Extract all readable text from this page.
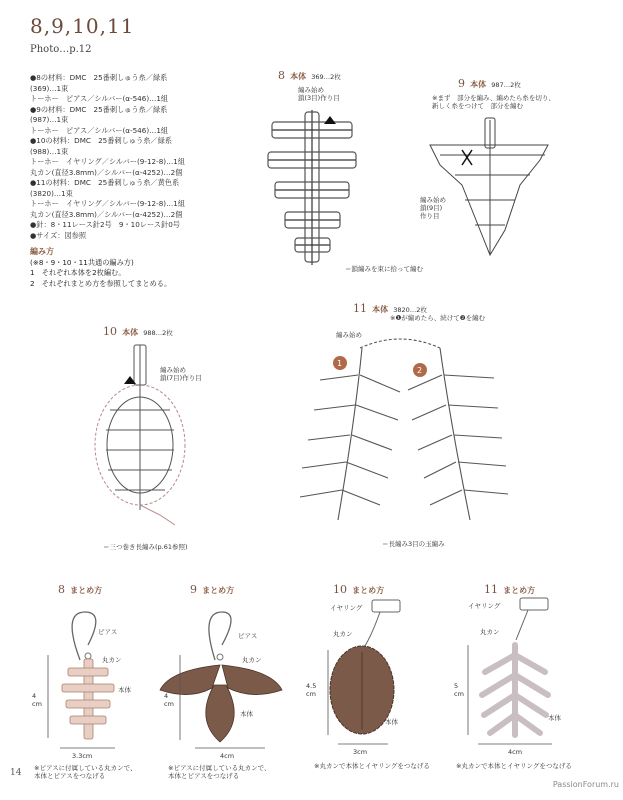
8,9,10,11
Photo…p.12
●8の材料：DMC　25番刺しゅう糸／緑系
(369)…1束
トーホー　ピアス／シルバー(α-546)…1組
●9の材料：DMC　25番刺しゅう糸／緑系
(987)…1束
トーホー　ピアス／シルバー(α-546)…1組
●10の材料：DMC　25番刺しゅう糸／緑系
(988)…1束
トーホー　イヤリング／シルバー(9-12-8)…1組
丸カン(直径3.8mm)／シルバー(α-4252)…2個
●11の材料：DMC　25番刺しゅう糸／黄色系
(3820)…1束
トーホー　イヤリング／シルバー(9-12-8)…1組
丸カン(直径3.8mm)／シルバー(α-4252)…2個
●針：8・11レース針2号　9・10レース針0号
●サイズ：図参照
編み方
(※8・9・10・11共通の編み方)
1　それぞれ本体を2枚編む。
2　それぞれまとめ方を参照してまとめる。
1
2
8 本体 369…2枚
編み始め
鎖(3目)作り目
9 本体 987…2枚
※まず　部分を編み、編めたら糸を切り、
新しく糸をつけて　部分を編む
編み始め
鎖(9目)
作り目
＝鎖編みを束に拾って編む
10 本体 988…2枚
編み始め
鎖(7目)作り目
＝三つ巻き長編み(p.61参照)
11 本体 3820…2枚
※❶が編めたら、続けて❷を編む
編み始め
＝長編み3目の玉編み
8 まとめ方
ピアス
丸カン
本体
4 cm
3.3cm
※ピアスに付属している丸カンで、
本体とピアスをつなげる
9 まとめ方
ピアス
丸カン
本体
4 cm
4cm
※ピアスに付属している丸カンで、
本体とピアスをつなげる
10 まとめ方
イヤリング
丸カン
本体
4.5 cm
3cm
※丸カンで本体とイヤリングをつなげる
11 まとめ方
イヤリング
丸カン
本体
5 cm
4cm
※丸カンで本体とイヤリングをつなげる
14
PassionForum.ru
